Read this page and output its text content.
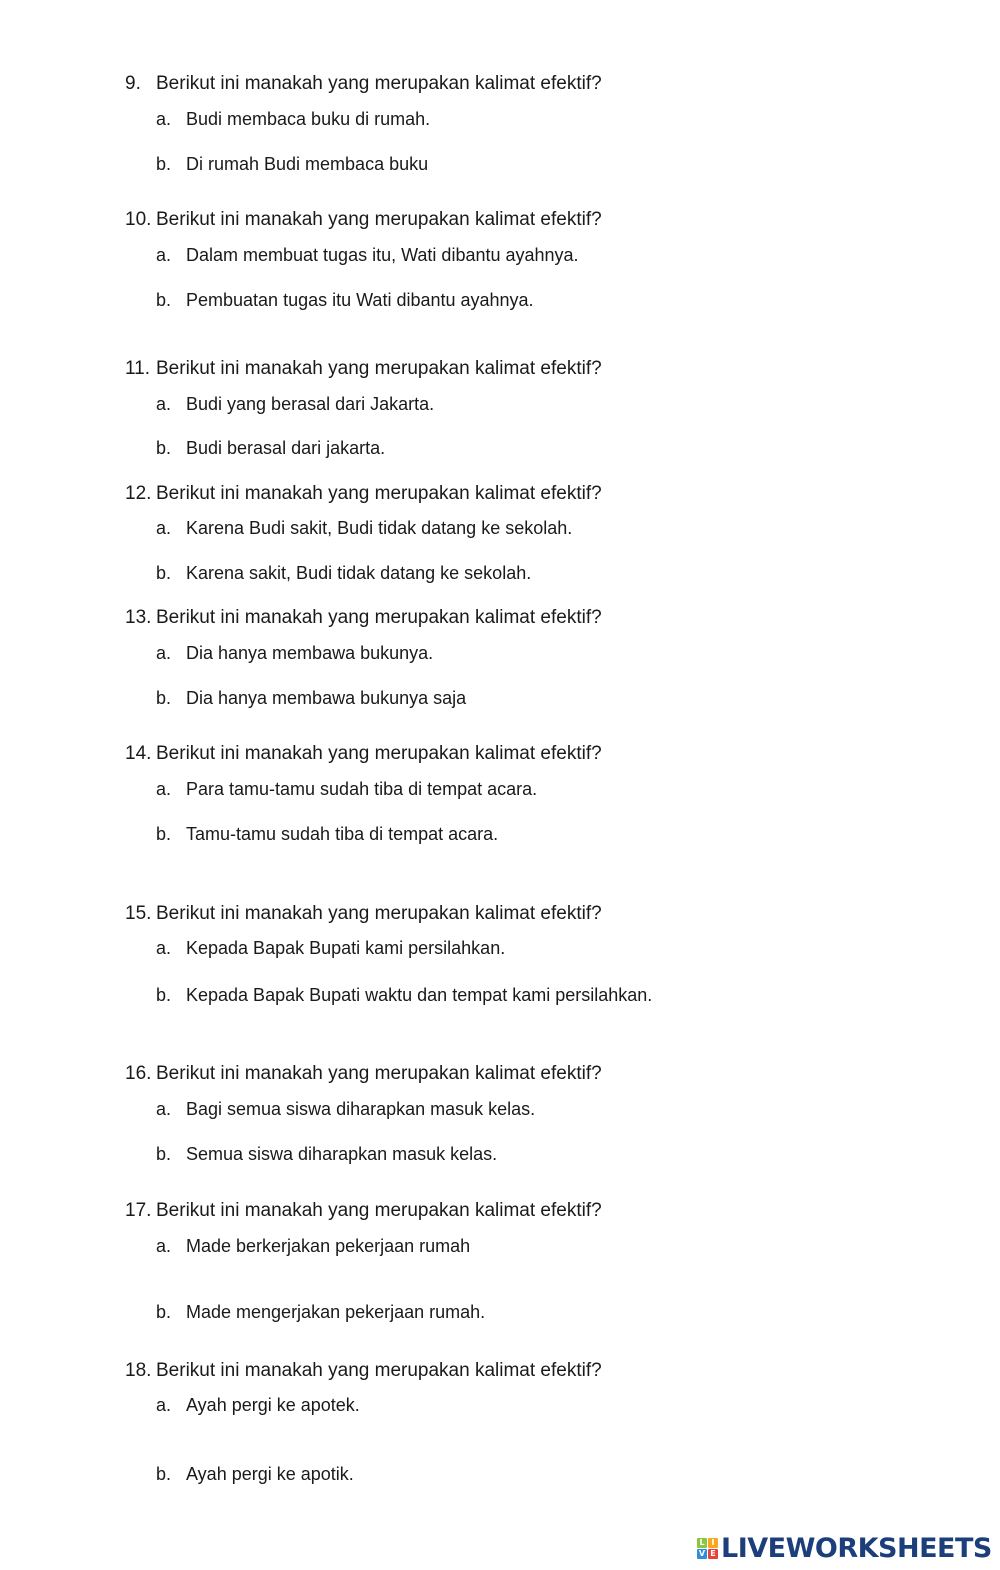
9. Berikut ini manakah yang merupakan kalimat efektif?
a. Budi membaca buku di rumah.
b. Di rumah Budi membaca buku
10. Berikut ini manakah yang merupakan kalimat efektif?
a. Dalam membuat tugas itu, Wati dibantu ayahnya.
b. Pembuatan tugas itu Wati dibantu ayahnya.
11. Berikut ini manakah yang merupakan kalimat efektif?
a. Budi yang berasal dari Jakarta.
b. Budi berasal dari jakarta.
12. Berikut ini manakah yang merupakan kalimat efektif?
a. Karena Budi sakit, Budi tidak datang ke sekolah.
b. Karena sakit, Budi tidak datang ke sekolah.
13. Berikut ini manakah yang merupakan kalimat efektif?
a. Dia hanya membawa bukunya.
b. Dia hanya membawa bukunya saja
14. Berikut ini manakah yang merupakan kalimat efektif?
a. Para tamu-tamu sudah tiba di tempat acara.
b. Tamu-tamu sudah tiba di tempat acara.
15. Berikut ini manakah yang merupakan kalimat efektif?
a. Kepada Bapak Bupati kami persilahkan.
b. Kepada Bapak Bupati waktu dan tempat kami persilahkan.
16. Berikut ini manakah yang merupakan kalimat efektif?
a. Bagi semua siswa diharapkan masuk kelas.
b. Semua siswa diharapkan masuk kelas.
17. Berikut ini manakah yang merupakan kalimat efektif?
a. Made berkerjakan pekerjaan rumah
b. Made mengerjakan pekerjaan rumah.
18. Berikut ini manakah yang merupakan kalimat efektif?
a. Ayah pergi ke apotek.
b. Ayah pergi ke apotik.
L I
V E LIVEWORKSHEETS
